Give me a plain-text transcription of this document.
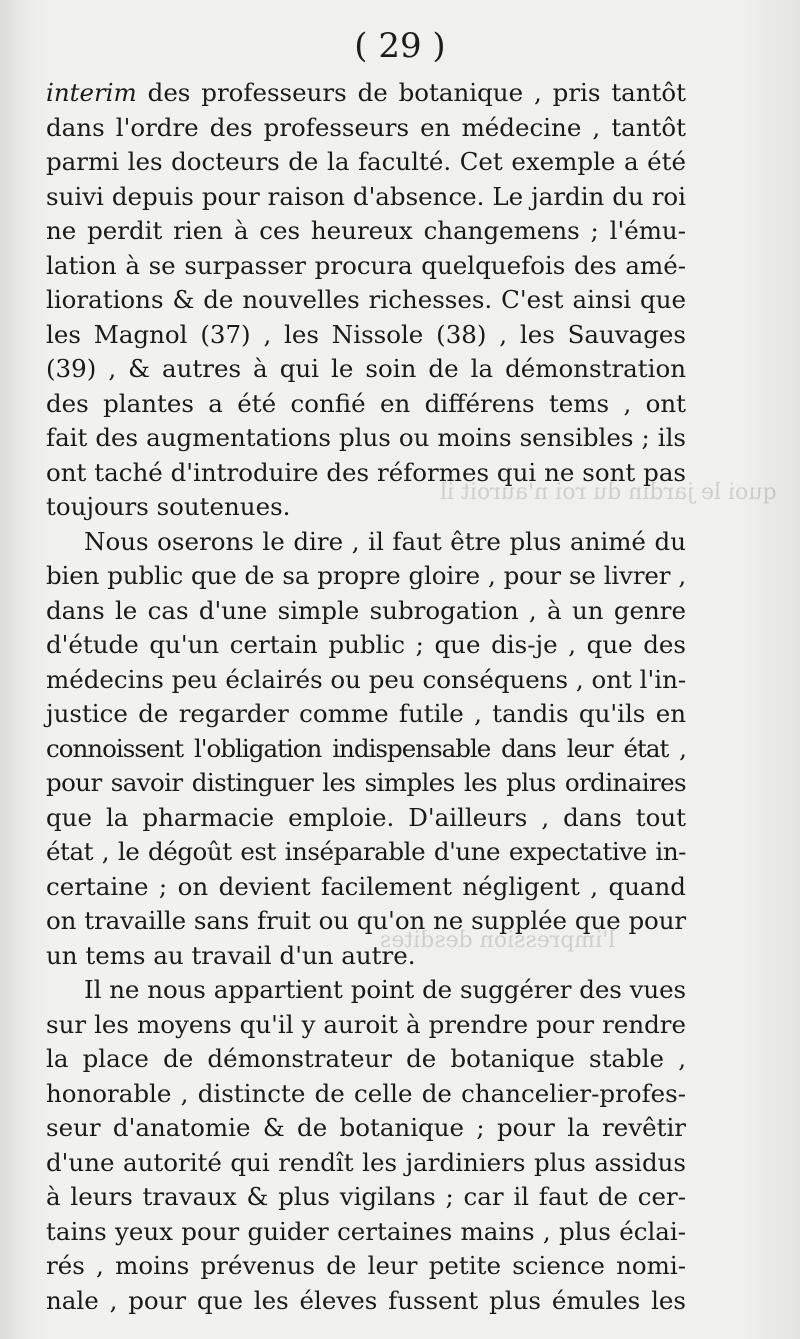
quoi le jardin du roi n'auroit il
l'impression desdites
( 29 )
interim des professeurs de botanique , pris tantôt
dans l'ordre des professeurs en médecine , tantôt
parmi les docteurs de la faculté. Cet exemple a été
suivi depuis pour raison d'absence. Le jardin du roi
ne perdit rien à ces heureux changemens ; l'ému-
lation à se surpasser procura quelquefois des amé-
liorations & de nouvelles richesses. C'est ainsi que
les Magnol (37) , les Nissole (38) , les Sauvages
(39) , & autres à qui le soin de la démonstration
des plantes a été confié en différens tems , ont
fait des augmentations plus ou moins sensibles ; ils
ont taché d'introduire des réformes qui ne sont pas
toujours soutenues.
Nous oserons le dire , il faut être plus animé du
bien public que de sa propre gloire , pour se livrer ,
dans le cas d'une simple subrogation , à un genre
d'étude qu'un certain public ; que dis-je , que des
médecins peu éclairés ou peu conséquens , ont l'in-
justice de regarder comme futile , tandis qu'ils en
connoissent l'obligation indispensable dans leur état ,
pour savoir distinguer les simples les plus ordinaires
que la pharmacie emploie. D'ailleurs , dans tout
état , le dégoût est inséparable d'une expectative in-
certaine ; on devient facilement négligent , quand
on travaille sans fruit ou qu'on ne supplée que pour
un tems au travail d'un autre.
Il ne nous appartient point de suggérer des vues
sur les moyens qu'il y auroit à prendre pour rendre
la place de démonstrateur de botanique stable ,
honorable , distincte de celle de chancelier-profes-
seur d'anatomie & de botanique ; pour la revêtir
d'une autorité qui rendît les jardiniers plus assidus
à leurs travaux & plus vigilans ; car il faut de cer-
tains yeux pour guider certaines mains , plus éclai-
rés , moins prévenus de leur petite science nomi-
nale , pour que les éleves fussent plus émules les
